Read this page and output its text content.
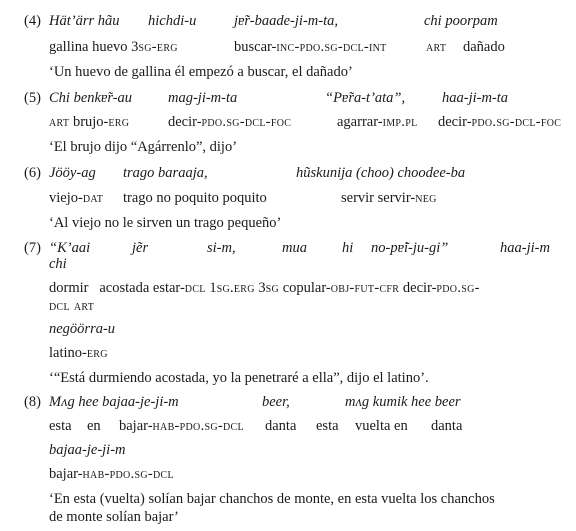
(4) Hät’ärr hãu hichdi-u	jɐ̃r-baade-ji-m-ta,	chi poorpam
gallina huevo 3sg-erg	buscar-inc-pdo.sg-dcl-int	art dañado
‘Un huevo de gallina él empezó a buscar, el dañado’
(5) Chi benkɐ̃r-au mag-ji-m-ta	“Pɐ̃ra-t’ata”,	haa-ji-m-ta
art brujo-erg	decir-pdo.sg-dcl-foc	agarrar-imp.pl decir-pdo.sg-dcl-foc
‘El brujo dijo “Agárrenlo”, dijo’
(6) Jööy-ag trago baraaja,	hũskunija (choo) choodee-ba
viejo-dat trago no poquito poquito	servir servir-neg
‘Al viejo no le sirven un trago pequeño’
(7) “K’aai	jẽr	si-m,	mua hi no-pɐ̃i-ju-gi”	haa-ji-m
chi
dormir acostada estar-dcl 1sg.erg 3sg copular-obj-fut-cfr decir-pdo.sg-
dcl art
negöörra-u
latino-erg
‘“Está durmiendo acostada, yo la penetraré a ella”, dijo el latino’.
(8) Mʌg hee bajaa-je-ji-m	beer,	mʌg kumik hee beer
esta en bajar-hab-pdo.sg-dcl danta esta vuelta en danta
bajaa-je-ji-m
bajar-hab-pdo.sg-dcl
‘En esta (vuelta) solían bajar chanchos de monte, en esta vuelta los chanchos
de monte solían bajar’
